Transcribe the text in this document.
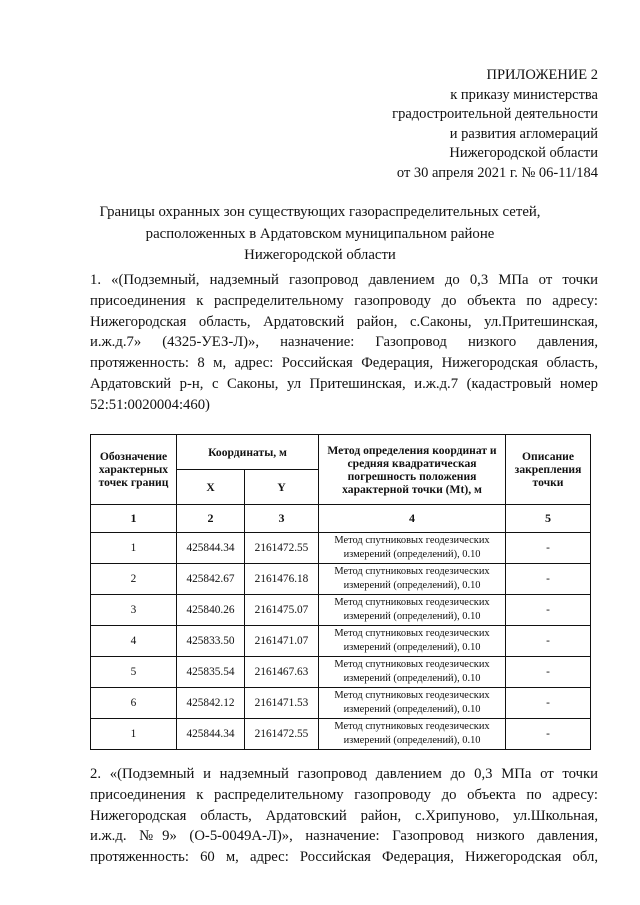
ПРИЛОЖЕНИЕ 2
к приказу министерства
градостроительной деятельности
и развития агломераций
Нижегородской области
от 30 апреля 2021 г. № 06-11/184
Границы охранных зон существующих газораспределительных сетей,
расположенных в Ардатовском муниципальном районе
Нижегородской области
1. «(Подземный, надземный газопровод давлением до 0,3 МПа от точки
присоединения к распределительному газопроводу до объекта по адресу:
Нижегородская область, Ардатовский район, с.Саконы, ул.Притешинская,
и.ж.д.7» (4325-УЕЗ-Л)», назначение: Газопровод низкого давления,
протяженность: 8 м, адрес: Российская Федерация, Нижегородская область,
Ардатовский р-н, с Саконы, ул Притешинская, и.ж.д.7 (кадастровый номер
52:51:0020004:460)
Обозначение характерных точек границ	Координаты, м		Метод определения координат и средняя квадратическая погрешность положения характерной точки (Mt), м	Описание закрепления точки
	X	Y		
1	2	3	4	5
1	425844.34	2161472.55	Метод спутниковых геодезических измерений (определений), 0.10	-
2	425842.67	2161476.18	Метод спутниковых геодезических измерений (определений), 0.10	-
3	425840.26	2161475.07	Метод спутниковых геодезических измерений (определений), 0.10	-
4	425833.50	2161471.07	Метод спутниковых геодезических измерений (определений), 0.10	-
5	425835.54	2161467.63	Метод спутниковых геодезических измерений (определений), 0.10	-
6	425842.12	2161471.53	Метод спутниковых геодезических измерений (определений), 0.10	-
1	425844.34	2161472.55	Метод спутниковых геодезических измерений (определений), 0.10	-
2. «(Подземный и надземный газопровод давлением до 0,3 МПа от точки
присоединения к распределительному газопроводу до объекта по адресу:
Нижегородская область, Ардатовский район, с.Хрипуново, ул.Школьная,
и.ж.д. №9» (О-5-0049А-Л)», назначение: Газопровод низкого давления,
протяженность: 60 м, адрес: Российская Федерация, Нижегородская обл,
